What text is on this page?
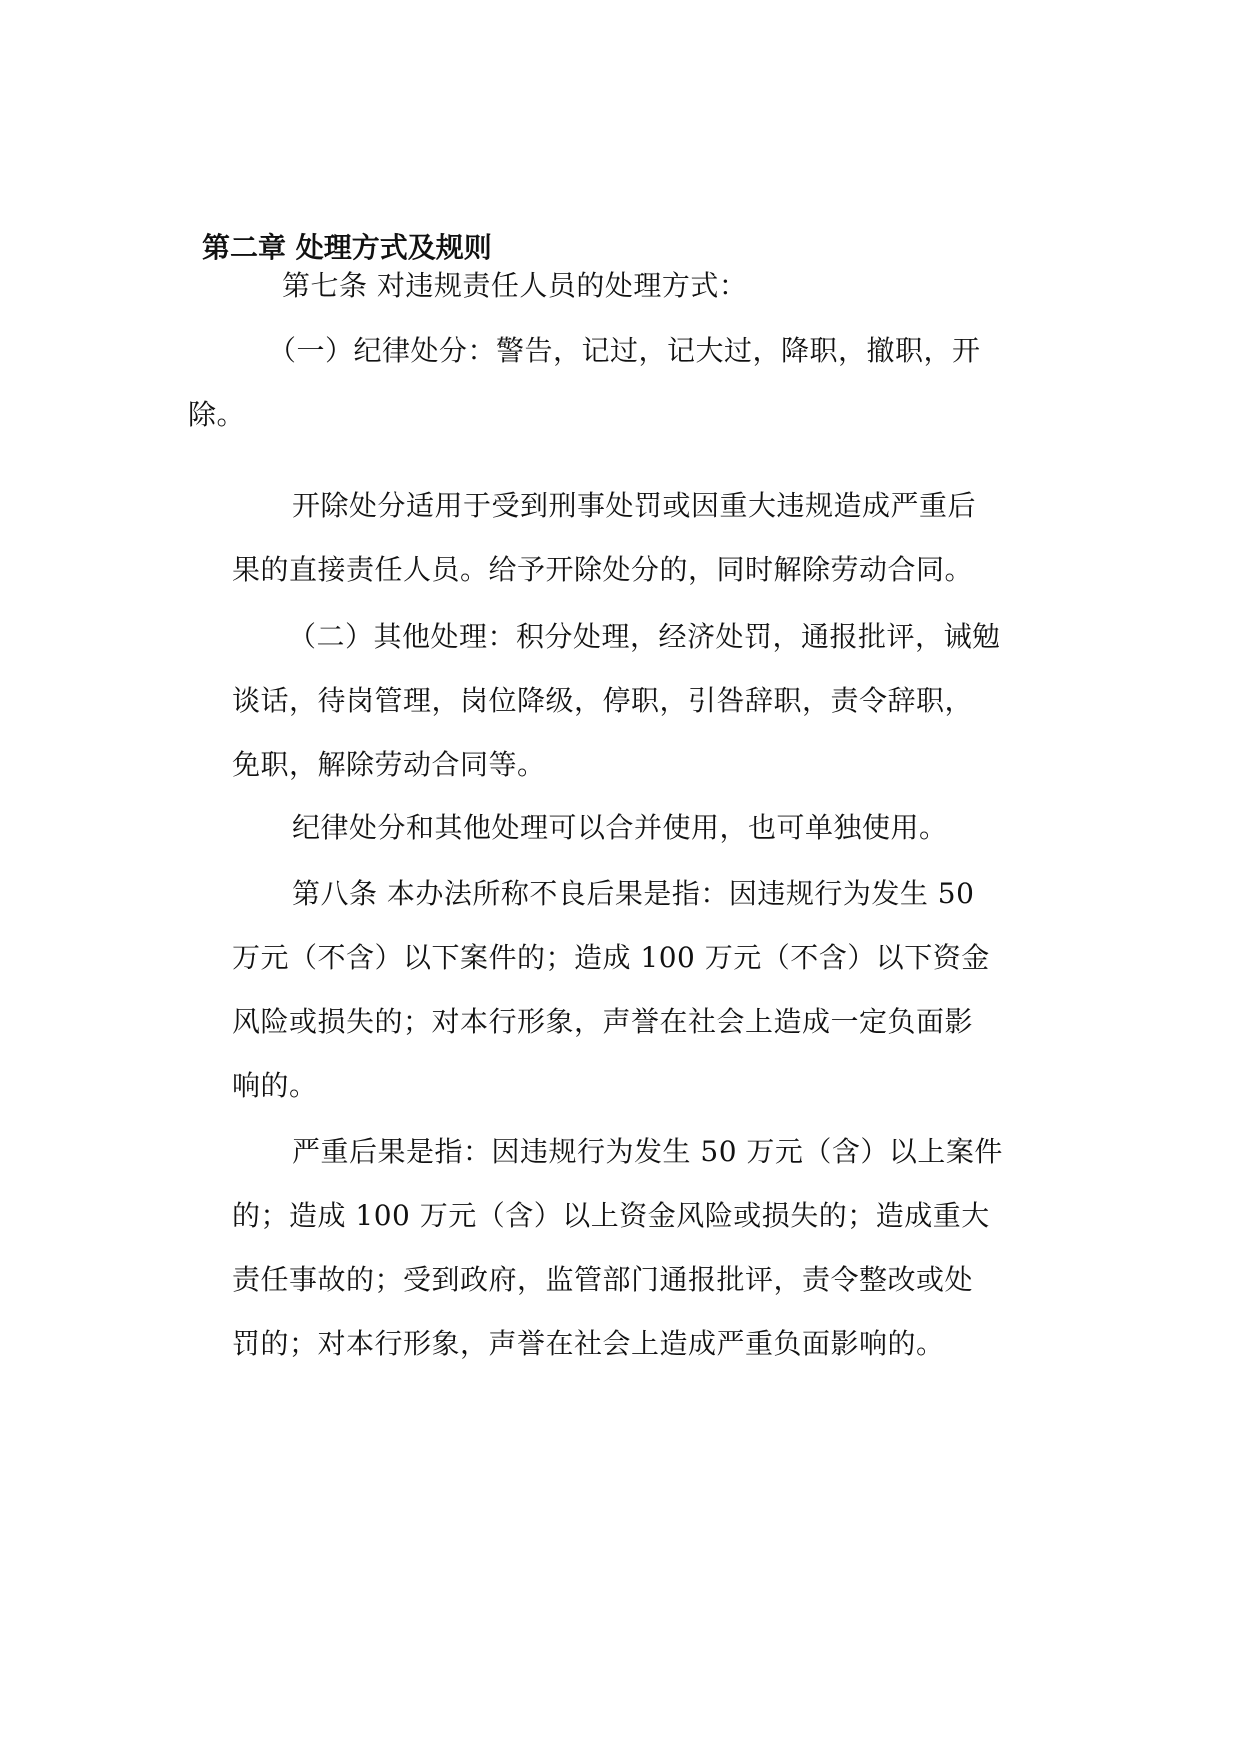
第二章 处理方式及规则
第七条 对违规责任人员的处理方式：
（一）纪律处分：警告，记过，记大过，降职，撤职，开
除。
开除处分适用于受到刑事处罚或因重大违规造成严重后
果的直接责任人员。给予开除处分的，同时解除劳动合同。
（二）其他处理：积分处理，经济处罚，通报批评，诫勉
谈话，待岗管理，岗位降级，停职，引咎辞职，责令辞职，
免职，解除劳动合同等。
纪律处分和其他处理可以合并使用，也可单独使用。
第八条 本办法所称不良后果是指：因违规行为发生 50
万元（不含）以下案件的；造成 100 万元（不含）以下资金
风险或损失的；对本行形象，声誉在社会上造成一定负面影
响的。
严重后果是指：因违规行为发生 50 万元（含）以上案件
的；造成 100 万元（含）以上资金风险或损失的；造成重大
责任事故的；受到政府，监管部门通报批评，责令整改或处
罚的；对本行形象，声誉在社会上造成严重负面影响的。
